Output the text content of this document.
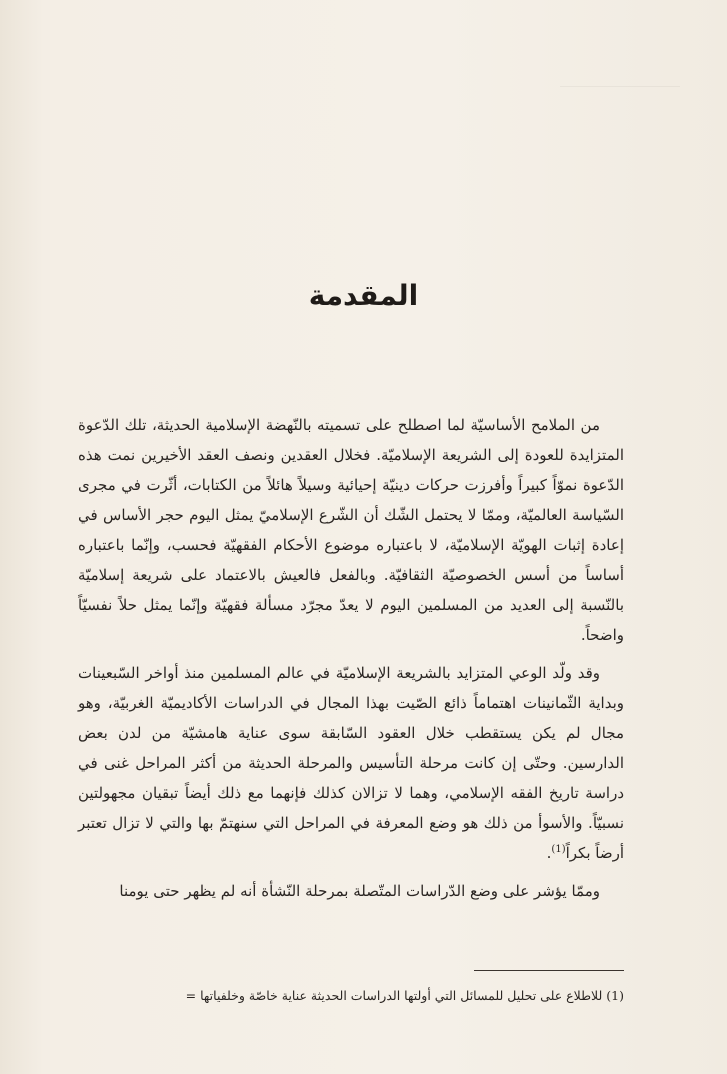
المقدمة

من الملامح الأساسيّة لما اصطلح على تسميته بالنّهضة الإسلامية الحديثة، تلك الدّعوة المتزايدة للعودة إلى الشريعة الإسلاميّة. فخلال العقدين ونصف العقد الأخيرين نمت هذه الدّعوة نموّاً كبيراً وأفرزت حركات دينيّة إحيائية وسيلاً هائلاً من الكتابات، أثّرت في مجرى السّياسة العالميّة، وممّا لا يحتمل الشّك أن الشّرع الإسلاميّ يمثل اليوم حجر الأساس في إعادة إثبات الهويّة الإسلاميّة، لا باعتباره موضوع الأحكام الفقهيّة فحسب، وإنّما باعتباره أساساً من أسس الخصوصيّة الثقافيّة. وبالفعل فالعيش بالاعتماد على شريعة إسلاميّة بالنّسبة إلى العديد من المسلمين اليوم لا يعدّ مجرّد مسألة فقهيّة وإنّما يمثل حلاً نفسيّاً واضحاً.

وقد ولّد الوعي المتزايد بالشريعة الإسلاميّة في عالم المسلمين منذ أواخر السّبعينات وبداية الثّمانينات اهتماماً ذائع الصّيت بهذا المجال في الدراسات الأكاديميّة الغربيّة، وهو مجال لم يكن يستقطب خلال العقود السّابقة سوى عناية هامشيّة من لدن بعض الدارسين. وحتّى إن كانت مرحلة التأسيس والمرحلة الحديثة من أكثر المراحل غنى في دراسة تاريخ الفقه الإسلامي، وهما لا تزالان كذلك فإنهما مع ذلك أيضاً تبقيان مجهولتين نسبيّاً. والأسوأ من ذلك هو وضع المعرفة في المراحل التي سنهتمّ بها والتي لا تزال تعتبر أرضاً بكراً$^{(1)}$.

وممّا يؤشر على وضع الدّراسات المتّصلة بمرحلة النّشأة أنه لم يظهر حتى يومنا

(1) للاطلاع على تحليل للمسائل التي أولتها الدراسات الحديثة عناية خاصّة وخلفياتها =
